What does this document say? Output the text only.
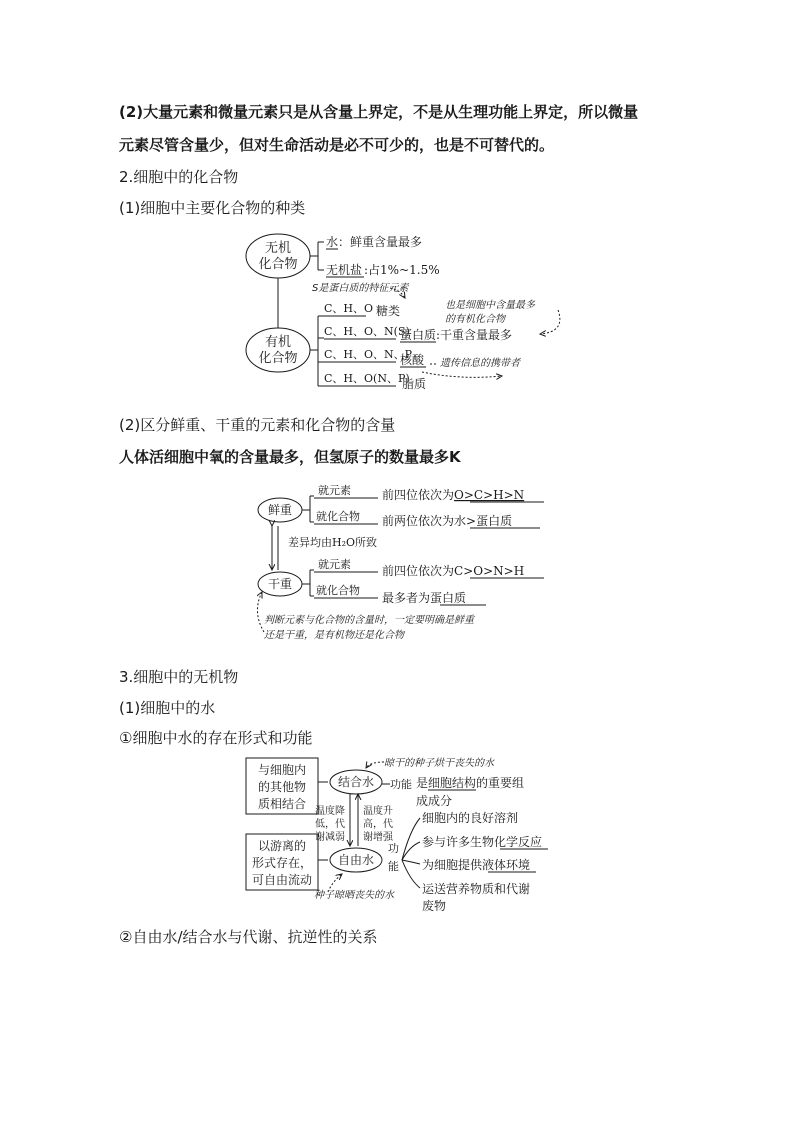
(2)大量元素和微量元素只是从含量上界定，不是从生理功能上界定，所以微量
元素尽管含量少，但对生命活动是必不可少的，也是不可替代的。
2.细胞中的化合物
(1)细胞中主要化合物的种类
无机
化合物
水 ：鲜重含量最多
无机盐 :占1%~1.5%
S是蛋白质的特征元素
有机
化合物
C、H、O 糖类
C、H、O、N(S)
蛋白质 :干重含量最多
也是细胞中含量最多
的有机化合物
C、H、O、N、P
核酸 遗传信息的携带者
C、H、O(N、P)
脂质
(2)区分鲜重、干重的元素和化合物的含量
人体活细胞中氧的含量最多，但氢原子的数量最多K
鲜重
就元素
就化合物
前四位依次为O>C>H>N
前两位依次为水>蛋白质
差异均由H₂O所致
干重
就元素
就化合物
前四位依次为C>O>N>H
最多者为蛋白质
判断元素与化合物的含量时，一定要明确是鲜重
还是干重，是有机物还是化合物
3.细胞中的无机物
(1)细胞中的水
①细胞中水的存在形式和功能
与细胞内
的其他物
质相结合
结合水
晾干的种子烘干丧失的水
功能 是细胞结构的重要组
成成分
温度降
低，代
谢减弱
温度升
高，代
谢增强
以游离的
形式存在，
可自由流动
自由水
种子晾晒丧失的水
功
能
细胞内的良好溶剂
参与许多生物化学反应
为细胞提供液体环境
运送营养物质和代谢
废物
②自由水/结合水与代谢、抗逆性的关系
